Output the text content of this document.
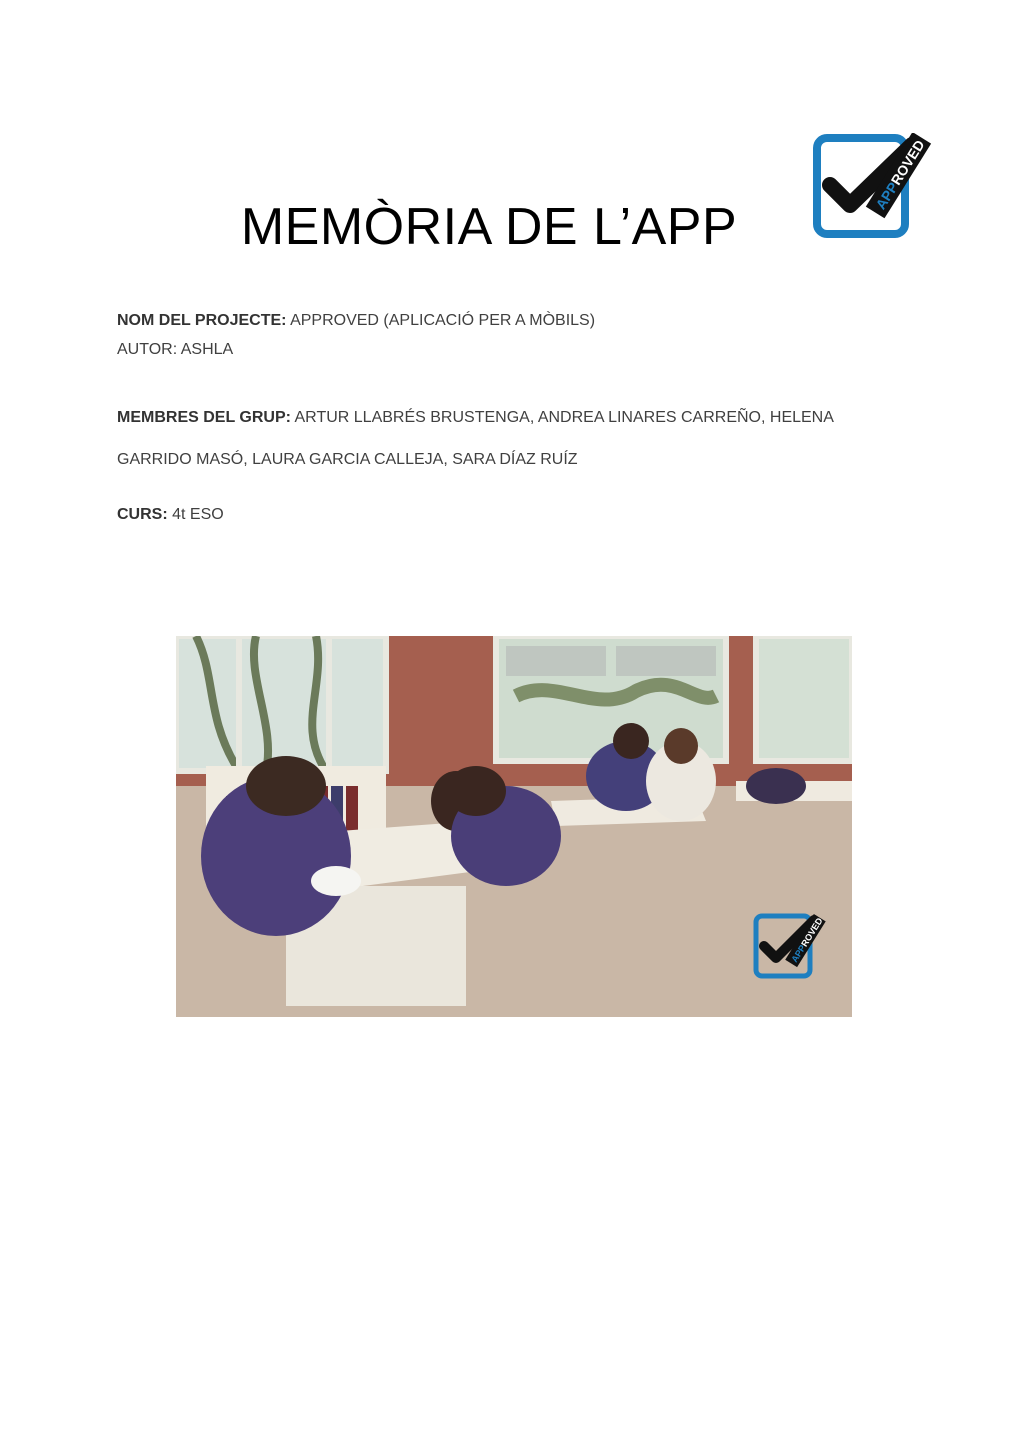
APPROVED
MEMÒRIA DE L’APP
NOM DEL PROJECTE: APPROVED (APLICACIÓ PER A MÒBILS)
AUTOR: ASHLA
MEMBRES DEL GRUP: ARTUR LLABRÉS BRUSTENGA, ANDREA LINARES CARREÑO, HELENA GARRIDO MASÓ, LAURA GARCIA CALLEJA, SARA DÍAZ RUÍZ
CURS: 4t ESO
APPROVED
